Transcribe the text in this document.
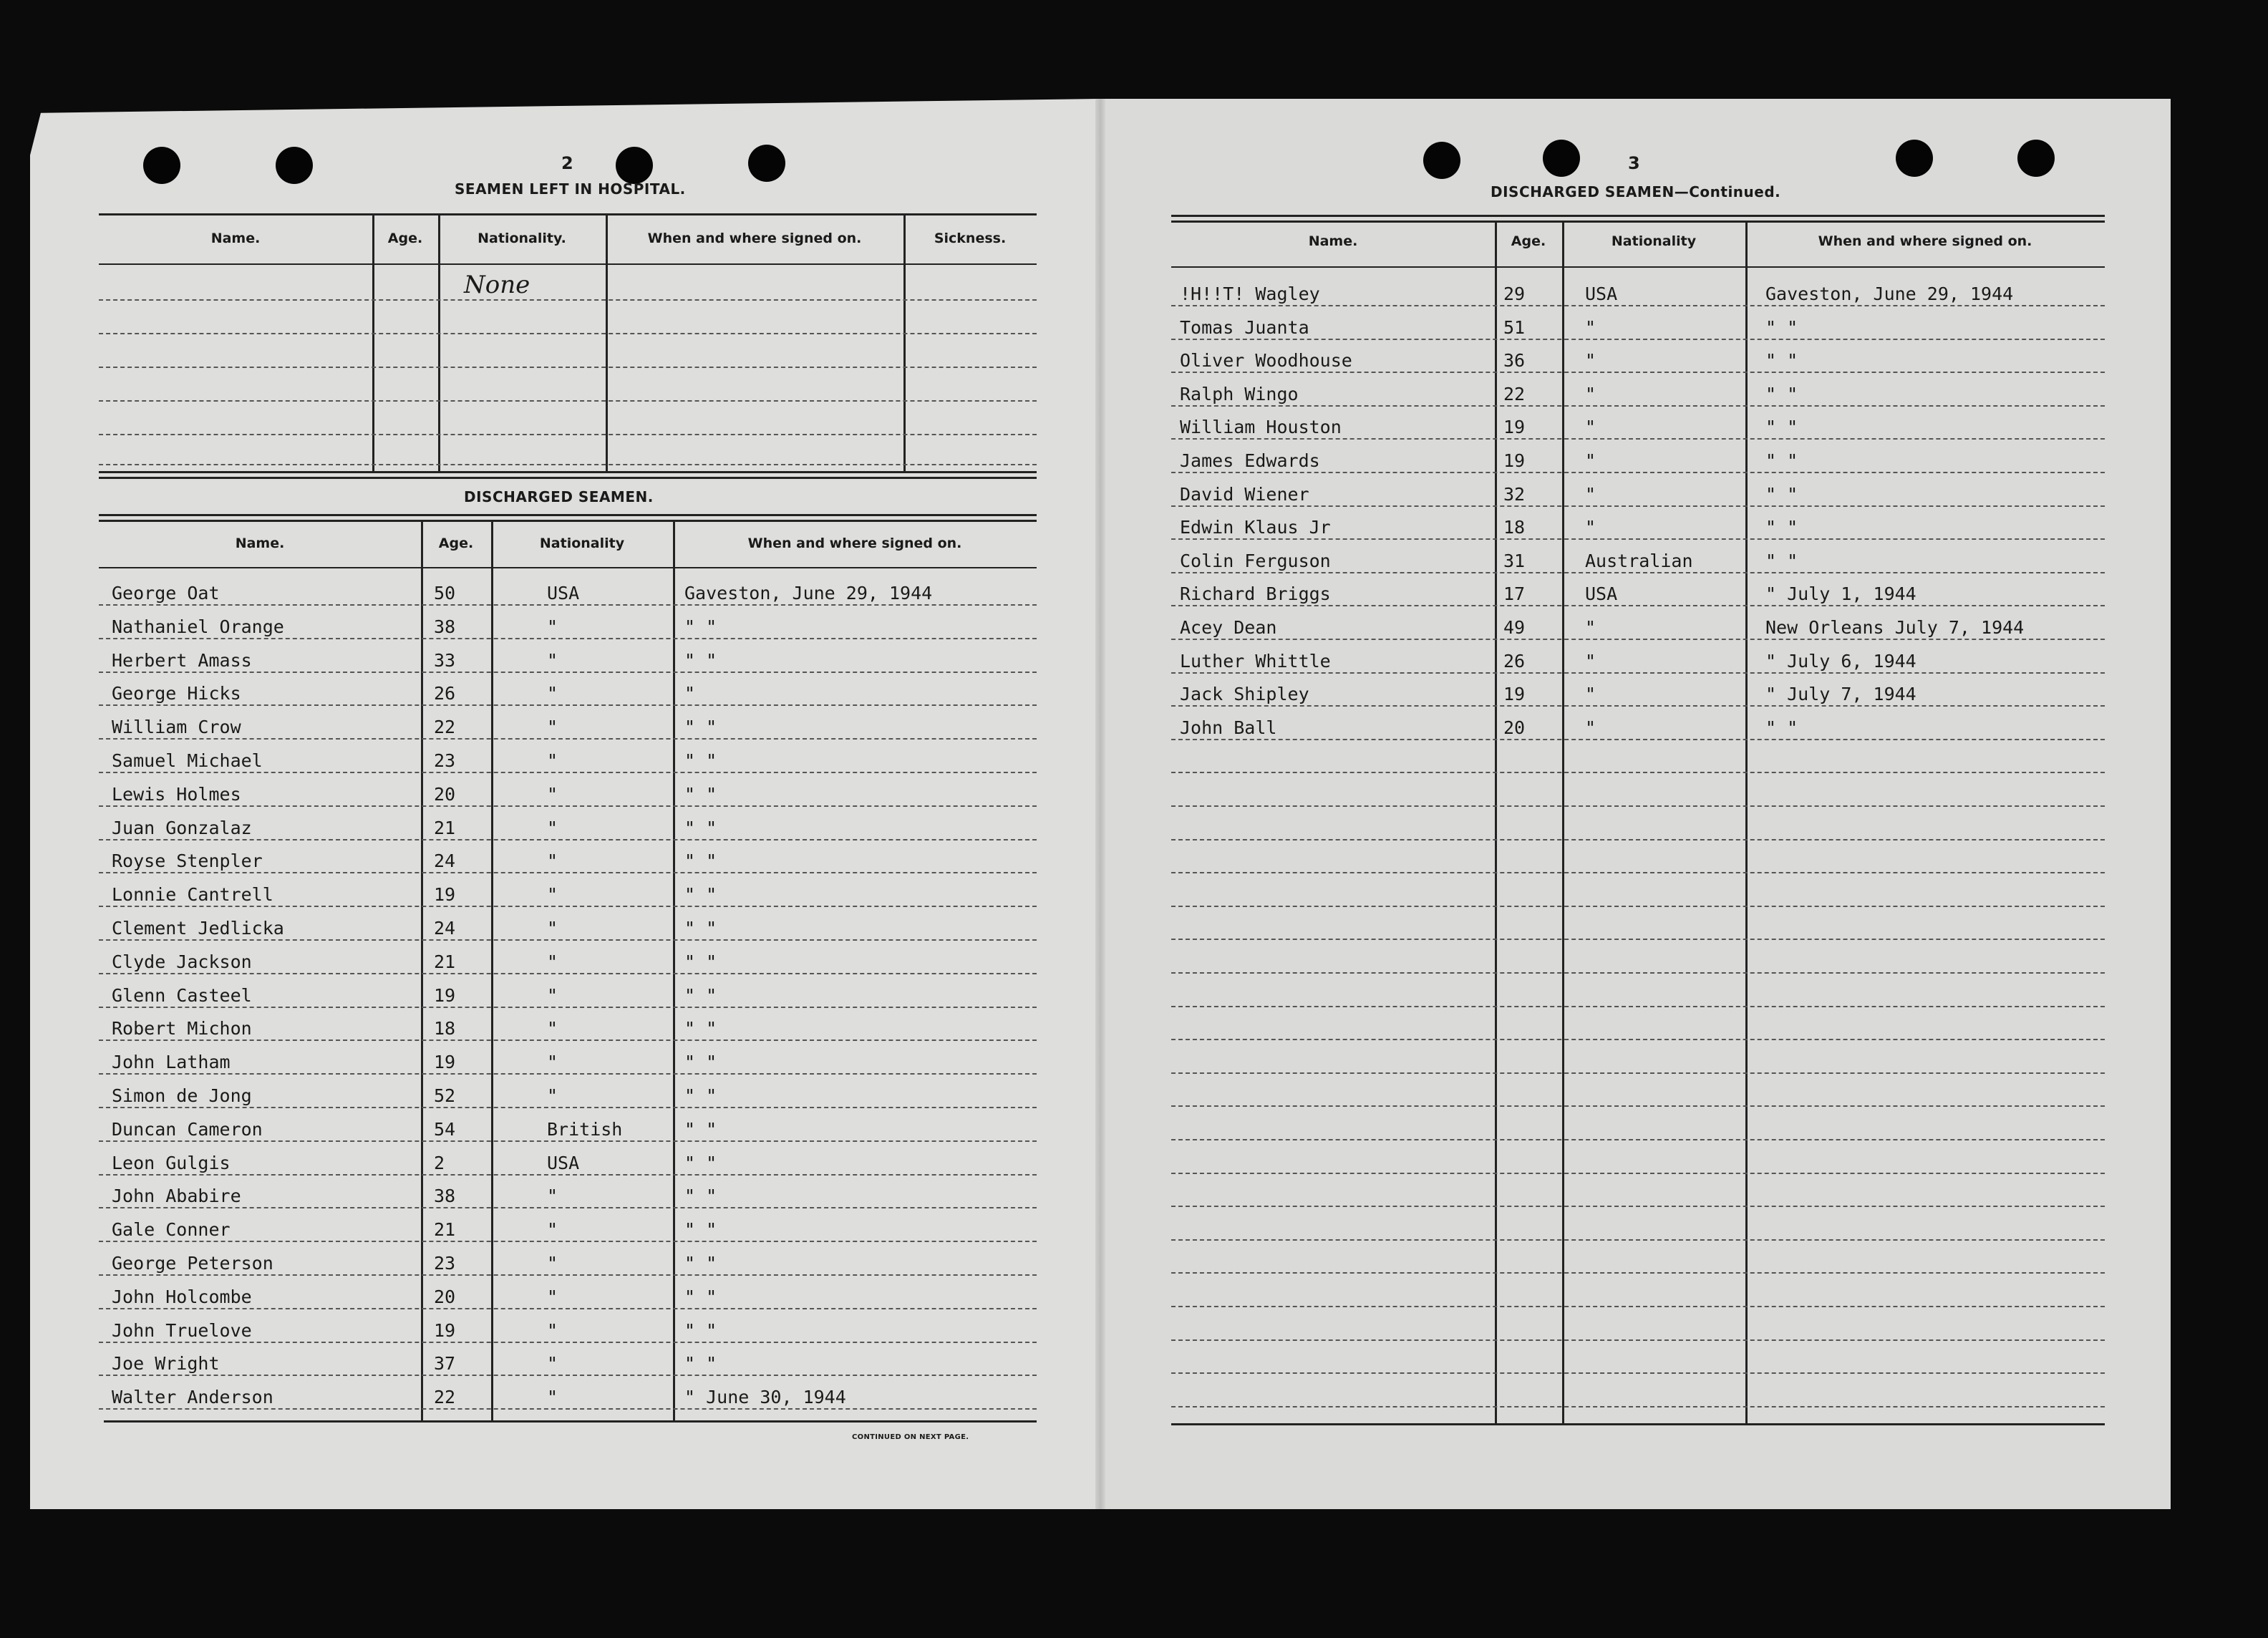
2
SEAMEN LEFT IN HOSPITAL.
Name.	Age.	Nationality.	When and where signed on.	Sickness.
None
DISCHARGED SEAMEN.
Name.	Age.	Nationality	When and where signed on.
George Oat	50	USA	Gaveston, June 29, 1944
Nathaniel Orange	38	"	" "
Herbert Amass	33	"	" "
George Hicks	26	"	"
William Crow	22	"	" "
Samuel Michael	23	"	" "
Lewis Holmes	20	"	" "
Juan Gonzalaz	21	"	" "
Royse Stenpler	24	"	" "
Lonnie Cantrell	19	"	" "
Clement Jedlicka	24	"	" "
Clyde Jackson	21	"	" "
Glenn Casteel	19	"	" "
Robert Michon	18	"	" "
John Latham	19	"	" "
Simon de Jong	52	"	" "
Duncan Cameron	54	British	" "
Leon Gulgis	2	USA	" "
John Ababire	38	"	" "
Gale Conner	21	"	" "
George Peterson	23	"	" "
John Holcombe	20	"	" "
John Truelove	19	"	" "
Joe Wright	37	"	" "
Walter Anderson	22	"	" June 30, 1944
CONTINUED ON NEXT PAGE.
3
DISCHARGED SEAMEN—Continued.
Name.	Age.	Nationality	When and where signed on.
!H!!T! Wagley	29	USA	Gaveston, June 29, 1944
Tomas Juanta	51	"	" "
Oliver Woodhouse	36	"	" "
Ralph Wingo	22	"	" "
William Houston	19	"	" "
James Edwards	19	"	" "
David Wiener	32	"	" "
Edwin Klaus Jr	18	"	" "
Colin Ferguson	31	Australian	" "
Richard Briggs	17	USA	" July 1, 1944
Acey Dean	49	"	New Orleans July 7, 1944
Luther Whittle	26	"	" July 6, 1944
Jack Shipley	19	"	" July 7, 1944
John Ball	20	"	" "
